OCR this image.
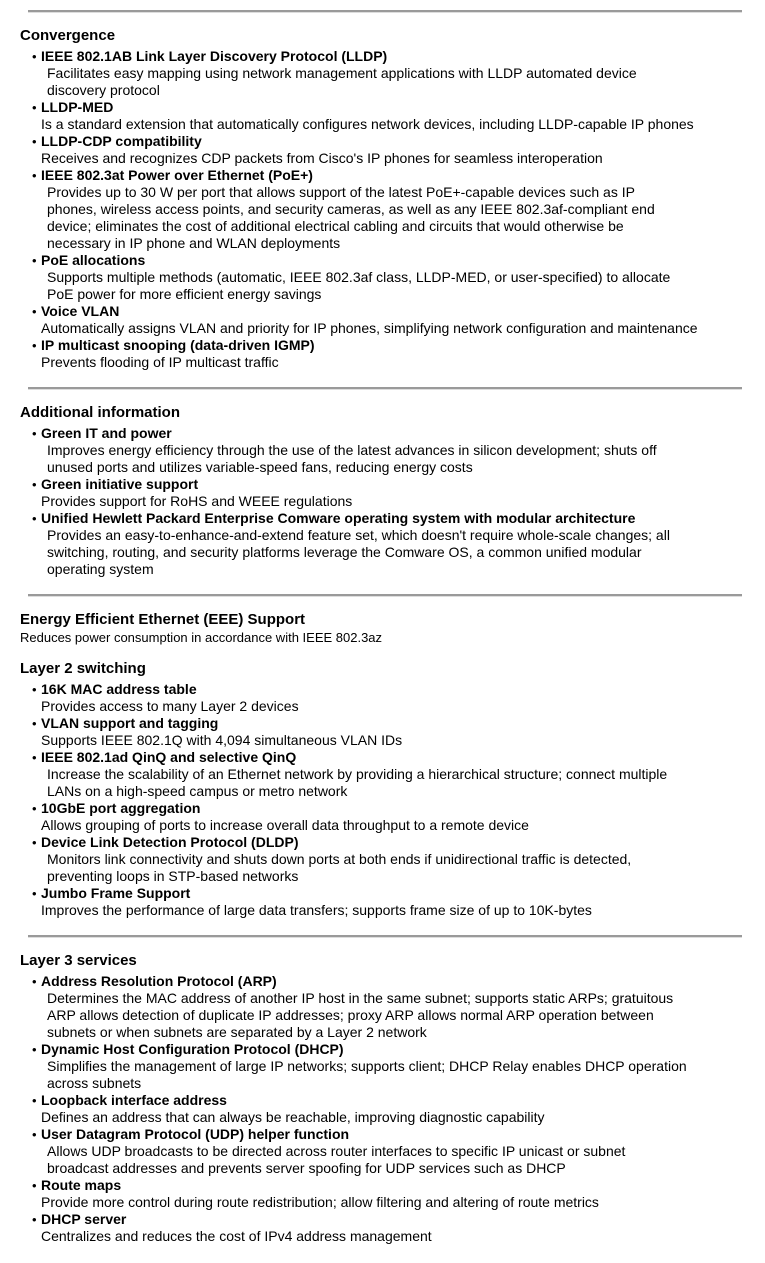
Convergence
• IEEE 802.1AB Link Layer Discovery Protocol (LLDP)
Facilitates easy mapping using network management applications with LLDP automated device
discovery protocol
• LLDP-MED
Is a standard extension that automatically configures network devices, including LLDP-capable IP phones
• LLDP-CDP compatibility
Receives and recognizes CDP packets from Cisco's IP phones for seamless interoperation
• IEEE 802.3at Power over Ethernet (PoE+)
Provides up to 30 W per port that allows support of the latest PoE+-capable devices such as IP
phones, wireless access points, and security cameras, as well as any IEEE 802.3af-compliant end
device; eliminates the cost of additional electrical cabling and circuits that would otherwise be
necessary in IP phone and WLAN deployments
• PoE allocations
Supports multiple methods (automatic, IEEE 802.3af class, LLDP-MED, or user-specified) to allocate
PoE power for more efficient energy savings
• Voice VLAN
Automatically assigns VLAN and priority for IP phones, simplifying network configuration and maintenance
• IP multicast snooping (data-driven IGMP)
Prevents flooding of IP multicast traffic
Additional information
• Green IT and power
Improves energy efficiency through the use of the latest advances in silicon development; shuts off
unused ports and utilizes variable-speed fans, reducing energy costs
• Green initiative support
Provides support for RoHS and WEEE regulations
• Unified Hewlett Packard Enterprise Comware operating system with modular architecture
Provides an easy-to-enhance-and-extend feature set, which doesn't require whole-scale changes; all
switching, routing, and security platforms leverage the Comware OS, a common unified modular
operating system
Energy Efficient Ethernet (EEE) Support

Reduces power consumption in accordance with IEEE 802.3az

Layer 2 switching
• 16K MAC address table
Provides access to many Layer 2 devices
• VLAN support and tagging
Supports IEEE 802.1Q with 4,094 simultaneous VLAN IDs
• IEEE 802.1ad QinQ and selective QinQ
Increase the scalability of an Ethernet network by providing a hierarchical structure; connect multiple
LANs on a high-speed campus or metro network
• 10GbE port aggregation
Allows grouping of ports to increase overall data throughput to a remote device
• Device Link Detection Protocol (DLDP)
Monitors link connectivity and shuts down ports at both ends if unidirectional traffic is detected,
preventing loops in STP-based networks
• Jumbo Frame Support
Improves the performance of large data transfers; supports frame size of up to 10K-bytes
Layer 3 services
• Address Resolution Protocol (ARP)
Determines the MAC address of another IP host in the same subnet; supports static ARPs; gratuitous
ARP allows detection of duplicate IP addresses; proxy ARP allows normal ARP operation between
subnets or when subnets are separated by a Layer 2 network
• Dynamic Host Configuration Protocol (DHCP)
Simplifies the management of large IP networks; supports client; DHCP Relay enables DHCP operation
across subnets
• Loopback interface address
Defines an address that can always be reachable, improving diagnostic capability
• User Datagram Protocol (UDP) helper function
Allows UDP broadcasts to be directed across router interfaces to specific IP unicast or subnet
broadcast addresses and prevents server spoofing for UDP services such as DHCP
• Route maps
Provide more control during route redistribution; allow filtering and altering of route metrics
• DHCP server
Centralizes and reduces the cost of IPv4 address management
